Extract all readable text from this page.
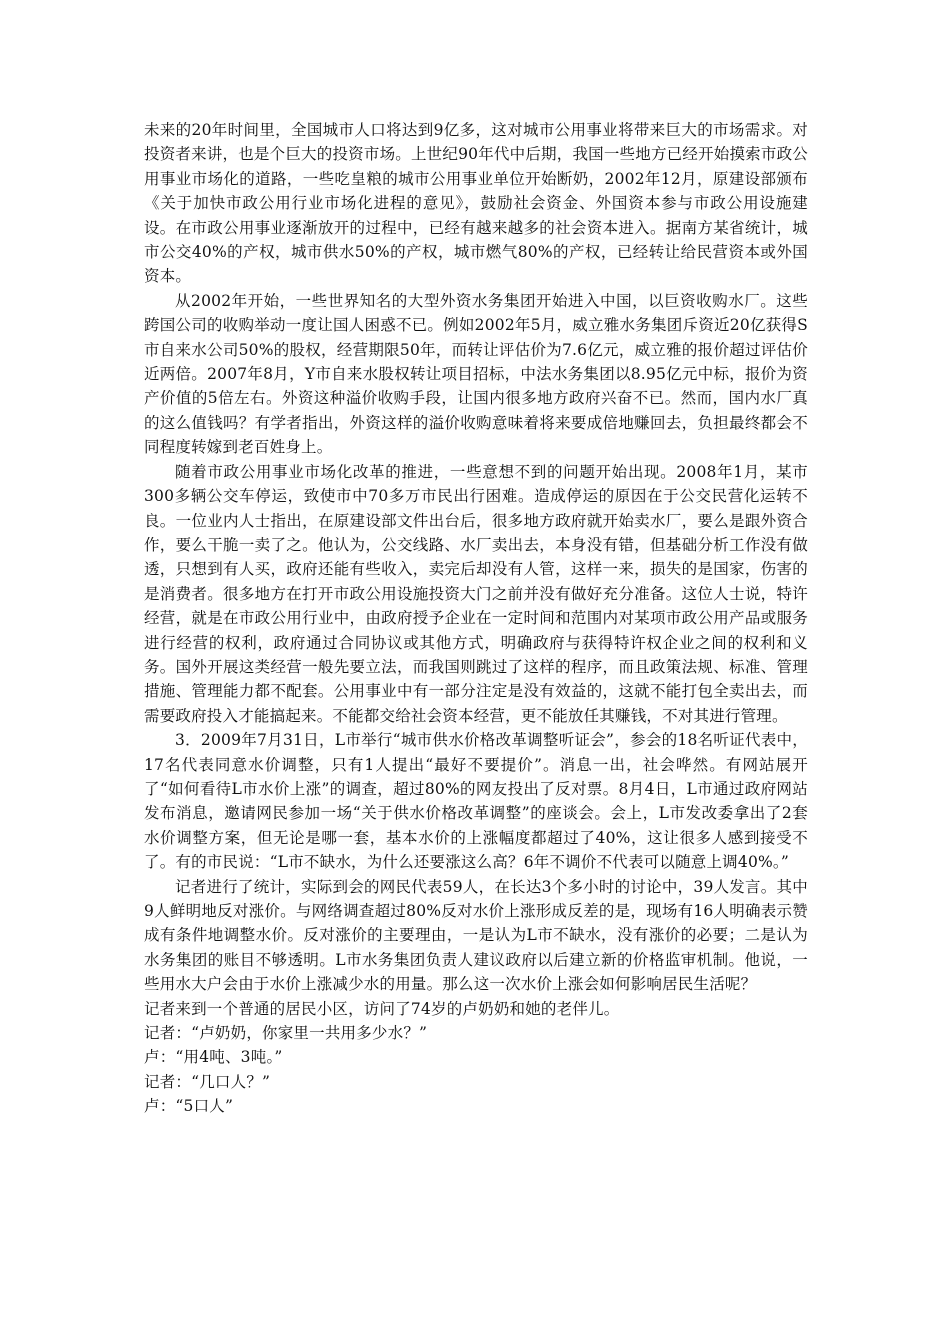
未来的20年时间里，全国城市人口将达到9亿多，这对城市公用事业将带来巨大的市场需求。对投资者来讲，也是个巨大的投资市场。上世纪90年代中后期，我国一些地方已经开始摸索市政公用事业市场化的道路，一些吃皇粮的城市公用事业单位开始断奶，2002年12月，原建设部颁布《关于加快市政公用行业市场化进程的意见》，鼓励社会资金、外国资本参与市政公用设施建设。在市政公用事业逐渐放开的过程中，已经有越来越多的社会资本进入。据南方某省统计，城市公交40%的产权，城市供水50%的产权，城市燃气80%的产权，已经转让给民营资本或外国资本。

从2002年开始，一些世界知名的大型外资水务集团开始进入中国，以巨资收购水厂。这些跨国公司的收购举动一度让国人困惑不已。例如2002年5月，威立雅水务集团斥资近20亿获得S市自来水公司50%的股权，经营期限50年，而转让评估价为7.6亿元，威立雅的报价超过评估价近两倍。2007年8月，Y市自来水股权转让项目招标，中法水务集团以8.95亿元中标，报价为资产价值的5倍左右。外资这种溢价收购手段，让国内很多地方政府兴奋不已。然而，国内水厂真的这么值钱吗？有学者指出，外资这样的溢价收购意味着将来要成倍地赚回去，负担最终都会不同程度转嫁到老百姓身上。

随着市政公用事业市场化改革的推进，一些意想不到的问题开始出现。2008年1月，某市300多辆公交车停运，致使市中70多万市民出行困难。造成停运的原因在于公交民营化运转不良。一位业内人士指出，在原建设部文件出台后，很多地方政府就开始卖水厂，要么是跟外资合作，要么干脆一卖了之。他认为，公交线路、水厂卖出去，本身没有错，但基础分析工作没有做透，只想到有人买，政府还能有些收入，卖完后却没有人管，这样一来，损失的是国家，伤害的是消费者。很多地方在打开市政公用设施投资大门之前并没有做好充分准备。这位人士说，特许经营，就是在市政公用行业中，由政府授予企业在一定时间和范围内对某项市政公用产品或服务进行经营的权利，政府通过合同协议或其他方式，明确政府与获得特许权企业之间的权利和义务。国外开展这类经营一般先要立法，而我国则跳过了这样的程序，而且政策法规、标准、管理措施、管理能力都不配套。公用事业中有一部分注定是没有效益的，这就不能打包全卖出去，而需要政府投入才能搞起来。不能都交给社会资本经营，更不能放任其赚钱，不对其进行管理。

3．2009年7月31日，L市举行“城市供水价格改革调整听证会”，参会的18名听证代表中，17名代表同意水价调整，只有1人提出“最好不要提价”。消息一出，社会哗然。有网站展开了“如何看待L市水价上涨”的调查，超过80%的网友投出了反对票。8月4日，L市通过政府网站发布消息，邀请网民参加一场“关于供水价格改革调整”的座谈会。会上，L市发改委拿出了2套水价调整方案，但无论是哪一套，基本水价的上涨幅度都超过了40%，这让很多人感到接受不了。有的市民说：“L市不缺水，为什么还要涨这么高？6年不调价不代表可以随意上调40%。”

记者进行了统计，实际到会的网民代表59人，在长达3个多小时的讨论中，39人发言。其中9人鲜明地反对涨价。与网络调查超过80%反对水价上涨形成反差的是，现场有16人明确表示赞成有条件地调整水价。反对涨价的主要理由，一是认为L市不缺水，没有涨价的必要；二是认为水务集团的账目不够透明。L市水务集团负责人建议政府以后建立新的价格监审机制。他说，一些用水大户会由于水价上涨减少水的用量。那么这一次水价上涨会如何影响居民生活呢？

记者来到一个普通的居民小区，访问了74岁的卢奶奶和她的老伴儿。

记者：“卢奶奶，你家里一共用多少水？”

卢：“用4吨、3吨。”

记者：“几口人？”

卢：“5口人”
